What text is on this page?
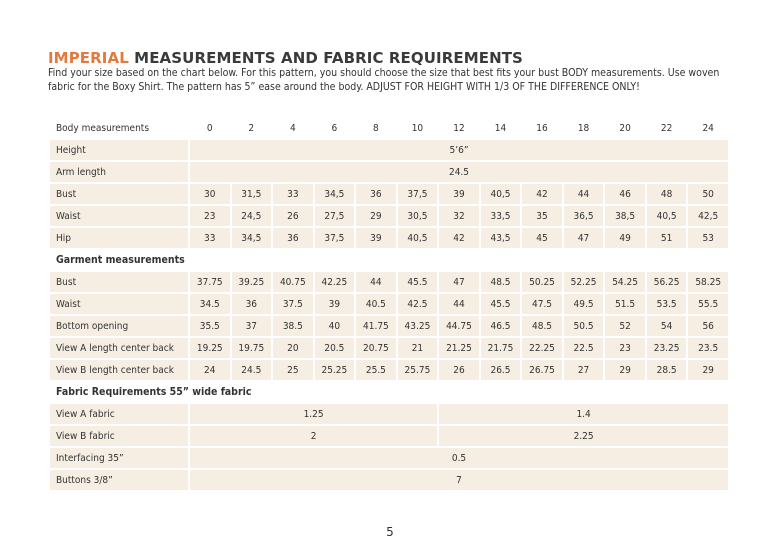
IMPERIAL MEASUREMENTS AND FABRIC REQUIREMENTS

Find your size based on the chart below. For this pattern, you should choose the size that best fits your bust BODY measurements. Use woven fabric for the Boxy Shirt. The pattern has 5” ease around the body. ADJUST FOR HEIGHT WITH 1/3 OF THE DIFFERENCE ONLY!

Body measurements	0	2	4	6	8	10	12	14	16	18	20	22	24
Height	5’6”												
Arm length	24.5												
Bust	30	31,5	33	34,5	36	37,5	39	40,5	42	44	46	48	50
Waist	23	24,5	26	27,5	29	30,5	32	33,5	35	36,5	38,5	40,5	42,5
Hip	33	34,5	36	37,5	39	40,5	42	43,5	45	47	49	51	53
Garment measurements													
Bust	37.75	39.25	40.75	42.25	44	45.5	47	48.5	50.25	52.25	54.25	56.25	58.25
Waist	34.5	36	37.5	39	40.5	42.5	44	45.5	47.5	49.5	51.5	53.5	55.5
Bottom opening	35.5	37	38.5	40	41.75	43.25	44.75	46.5	48.5	50.5	52	54	56
View A length center back	19.25	19.75	20	20.5	20.75	21	21.25	21.75	22.25	22.5	23	23.25	23.5
View B length center back	24	24.5	25	25.25	25.5	25.75	26	26.5	26.75	27	29	28.5	29
Fabric Requirements 55” wide fabric													
View A fabric	1.25						1.4						
View B fabric	2						2.25						
Interfacing 35”	0.5												
Buttons 3/8”	7												
5
